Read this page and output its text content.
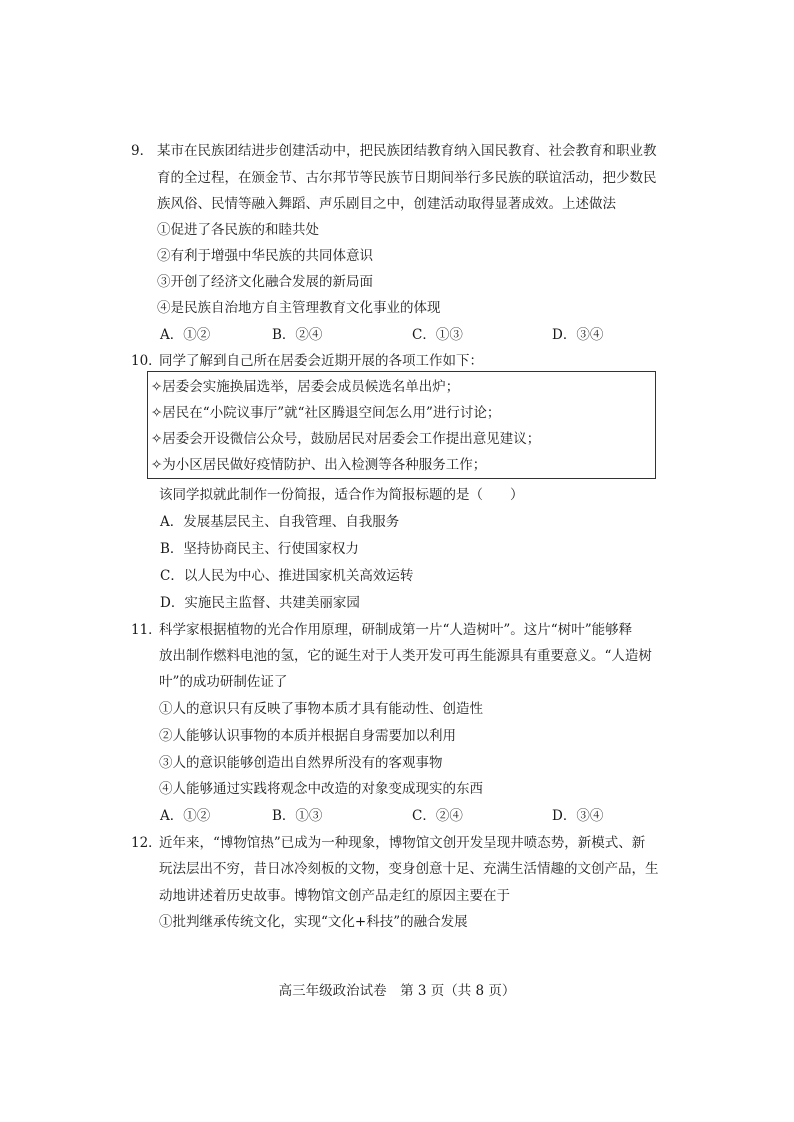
9． 某市在民族团结进步创建活动中，把民族团结教育纳入国民教育、社会教育和职业教
育的全过程，在颁金节、古尔邦节等民族节日期间举行多民族的联谊活动，把少数民
族风俗、民情等融入舞蹈、声乐剧目之中，创建活动取得显著成效。上述做法
①促进了各民族的和睦共处
②有利于增强中华民族的共同体意识
③开创了经济文化融合发展的新局面
④是民族自治地方自主管理教育文化事业的体现
A．①②	B．②④	C．①③	D．③④
10．
同学了解到自己所在居委会近期开展的各项工作如下：
✧居委会实施换届选举，居委会成员候选名单出炉；
✧居民在“小院议事厅”就“社区腾退空间怎么用”进行讨论；
✧居委会开设微信公众号，鼓励居民对居委会工作提出意见建议；
✧为小区居民做好疫情防护、出入检测等各种服务工作；
该同学拟就此制作一份简报，适合作为简报标题的是（　　）
A．发展基层民主、自我管理、自我服务
B．坚持协商民主、行使国家权力
C．以人民为中心、推进国家机关高效运转
D．实施民主监督、共建美丽家园
11．
科学家根据植物的光合作用原理，研制成第一片“人造树叶”。这片“树叶”能够释
放出制作燃料电池的氢，它的诞生对于人类开发可再生能源具有重要意义。“人造树
叶”的成功研制佐证了
①人的意识只有反映了事物本质才具有能动性、创造性
②人能够认识事物的本质并根据自身需要加以利用
③人的意识能够创造出自然界所没有的客观事物
④人能够通过实践将观念中改造的对象变成现实的东西
A．①②	B．①③	C．②④	D．③④
12．
近年来，“博物馆热”已成为一种现象，博物馆文创开发呈现井喷态势，新模式、新
玩法层出不穷，昔日冰冷刻板的文物，变身创意十足、充满生活情趣的文创产品，生
动地讲述着历史故事。博物馆文创产品走红的原因主要在于
①批判继承传统文化，实现“文化+科技”的融合发展
高三年级政治试卷　第 3 页（共 8 页）
